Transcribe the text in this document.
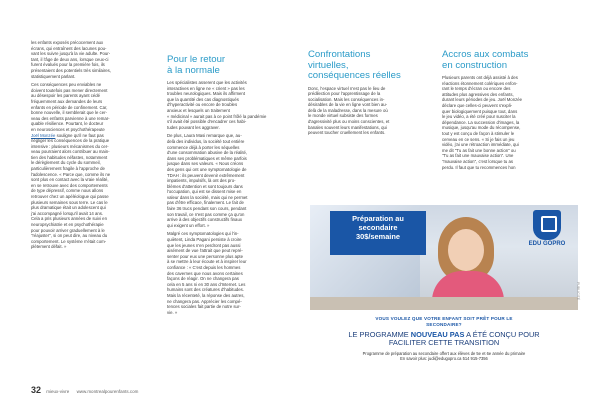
les enfants exposés précocement aux
écrans, qui entraînent des lacunes pou-
vant les suivre jusqu'à la vie adulte. Pour-
tant, il l'âge de deux ans, lorsque ceux-ci
furent évalués pour la première fois, ils
présentaient des potentiels très similaires,
statistiquement parlant.

Ces conséquences peu enviables ne
doivent toutefois pas mener directement
au désespoir les parents ayant cédé
fréquemment aux demandes de leurs
enfants en période de confinement. Car,
bonne nouvelle, il semblerait que le cer-
veau des enfants parvienne à une remar-
quable résilience. Pourtant, le docteur
en neurosciences et psychothérapeute
Joël Monzée souligne qu'il ne faut pas
négliger les conséquences de la pratique
intensive : plusieurs mécanismes du cer-
veau pourraient alors contribuer au main-
tien des habitudes néfastes, notamment
le dérèglement du cycle du sommeil,
particulièrement fragile à l'approche de
l'adolescence. « Parce que, comme ils ne
sont plus en contact avec la vraie réalité,
en se retrouve avec des comportements
de type dépressif, comme nous allons
retrouver chez un apéléologue qui passe
plusieurs semaines sous terre. Le cas le
plus dramatique était un adolescent qui
j'ai accompagné lorsqu'il avait 14 ans.
Cela a pris plusieurs années de suivi en
neuropsychiatrie et en psychothérapie
pour pouvoir arriver graduellement à le
"réajuster", si on peut dire, au niveau du
comportement. Le système n'était com-
plètement défait. »

Pour le retour
à la normale

Les spécialistes asserent que les activités
interactives en ligne ne « crient » pas les
troubles neurologiques. Mais ils affirment
que la quantité des cas diagnostiqués
d'hyperactivité ou encore de troubles
anxieux et lesquels un traitement
« médicinal » aurait pas à ce point frôlé la pandémie
s'il avait été possible d'encadrer ces habi-
tudes pouvant les aggraver.

De plus, Laura Masi remarque que, au-
delà des individus, la société tout entière
commence déjà à porter les séquelles
d'une consommation abusive de la réalité,
dans ses problématiques et même parfois
jusque dans ses valeurs. « Nous créons
des gens qui ont une symptomatologie de
TDAH : ils peuvent devenir extrêmement
impatients, impulsifs, là ont des pro-
blèmes d'attention et sont toujours dans
l'occupation, qui est se dissent mise en
valeur dans la société, mais qui ne permet
pas d'être efficace, finalement. Le fait de
faire 36 trucs pendant son cours, pendant
son travail, ce n'est pas comme ça qu'on
arrive à des objectifs constructifs finaux
qui exigent un effort. »

Malgré ces symptomatologies qui l'in-
quiètent, Linda Pagani persiste à croire
que les jeunes n'en perdront pas aussi
aisément de vue l'attrait que peut repré-
senter pour eux une personne plus apte
à se mettre à leur écoute et à inspirer leur
confiance : « C'est depuis les hommes
des cavernes que nous avons certaines
façons de réagir. On ne changera pas
cela en 5 ans ni en 30 ans d'Internet. Les
humains sont des créatures d'habitudes.
Mais la récenteté, la réponse des autres,
ne changera pas. Apprécier les compé-
tences sociales fait partie de notre sur-
vie. »

Confrontations
virtuelles,
conséquences réelles

Donc, l'espace virtuel n'est pas le lieu de
prédilection pour l'apprentissage de la
socialisation. Mais les conséquences in-
désirables de la vie en ligne vont bien au-
delà de la maladresse, dans la mesure où
le monde virtuel subsiste des formes
d'agressivité plus ou moins conscientes, et
banales souvent leurs manifestations, qui
peuvent toucher cruellement les enfants.

Accros aux combats
en construction

Plusieurs parents ont déjà assisté à des
réactions étonnement colériques enfon-
rant le temps d'écran ou encore des
attitudes plus agressives des enfants,
durant leurs périodes de jeu. Joël Monzée
déclare que celles-ci peuvent s'expli-
quer biologiquement puisque tout, dans
le jeu vidéo, a été créé pour susciter la
dépendance. La succession d'images, la
musique, jusqu'au mode du récompense,
tout y est conçu de façon à stimuler le
cerveau en ce sens. « Si je fais un jeu
vidéo, j'ai une rétroaction immédiate, qui
me dit "Tu as fait une bonne action" ou
"Tu as fait une mauvaise action". Une
"mauvaise action", c'est lorsque tu as
perdu. Il faut que tu recommences hon

Préparation au
secondaire
30$/semaine
EDU GOPRO
VOUS VOULEZ QUE VOTRE ENFANT SOIT PRÊT POUR LE
SECONDAIRE?
LE PROGRAMME NOUVEAU PAS A ÉTÉ CONÇU POUR
FACILITER CETTE TRANSITION
Programme de préparation au secondaire offert aux élèves de 5e et 6e année du primaire
En savoir plus: judi@edugopro.ca 514 915-7356
PUBLICITÉ
32 mieux-vivre www.montrealpourenfants.com
